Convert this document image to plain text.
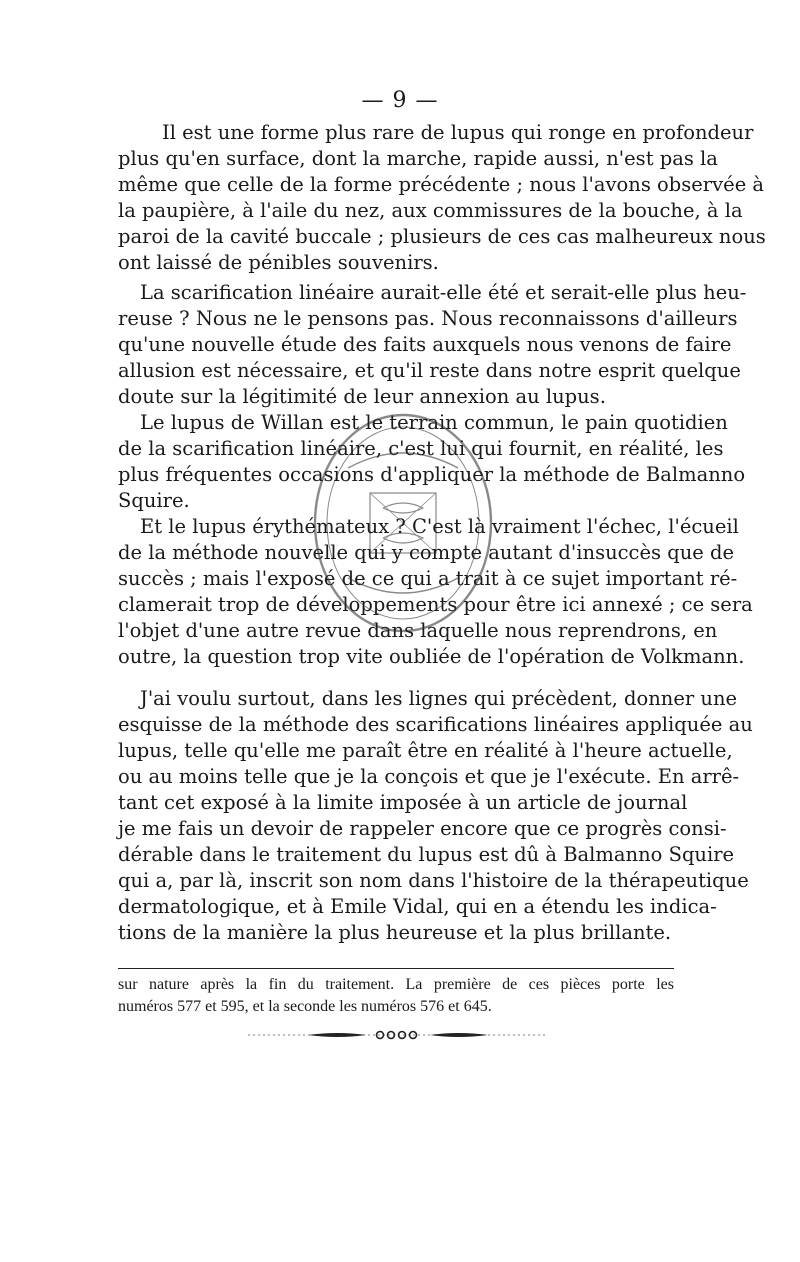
— 9 —
Il est une forme plus rare de lupus qui ronge en profondeur
plus qu'en surface, dont la marche, rapide aussi, n'est pas la
même que celle de la forme précédente ; nous l'avons observée à
la paupière, à l'aile du nez, aux commissures de la bouche, à la
paroi de la cavité buccale ; plusieurs de ces cas malheureux nous
ont laissé de pénibles souvenirs.
La scarification linéaire aurait-elle été et serait-elle plus heu-
reuse ? Nous ne le pensons pas. Nous reconnaissons d'ailleurs
qu'une nouvelle étude des faits auxquels nous venons de faire
allusion est nécessaire, et qu'il reste dans notre esprit quelque
doute sur la légitimité de leur annexion au lupus.
Le lupus de Willan est le terrain commun, le pain quotidien
de la scarification linéaire, c'est lui qui fournit, en réalité, les
plus fréquentes occasions d'appliquer la méthode de Balmanno
Squire.
Et le lupus érythémateux ? C'est là vraiment l'échec, l'écueil
de la méthode nouvelle qui y compte autant d'insuccès que de
succès ; mais l'exposé de ce qui a trait à ce sujet important ré-
clamerait trop de développements pour être ici annexé ; ce sera
l'objet d'une autre revue dans laquelle nous reprendrons, en
outre, la question trop vite oubliée de l'opération de Volkmann.
J'ai voulu surtout, dans les lignes qui précèdent, donner une
esquisse de la méthode des scarifications linéaires appliquée au
lupus, telle qu'elle me paraît être en réalité à l'heure actuelle,
ou au moins telle que je la conçois et que je l'exécute. En arrê-
tant cet exposé à la limite imposée à un article de journal
je me fais un devoir de rappeler encore que ce progrès consi-
dérable dans le traitement du lupus est dû à Balmanno Squire
qui a, par là, inscrit son nom dans l'histoire de la thérapeutique
dermatologique, et à Emile Vidal, qui en a étendu les indica-
tions de la manière la plus heureuse et la plus brillante.
sur nature après la fin du traitement. La première de ces pièces porte les
numéros 577 et 595, et la seconde les numéros 576 et 645.
